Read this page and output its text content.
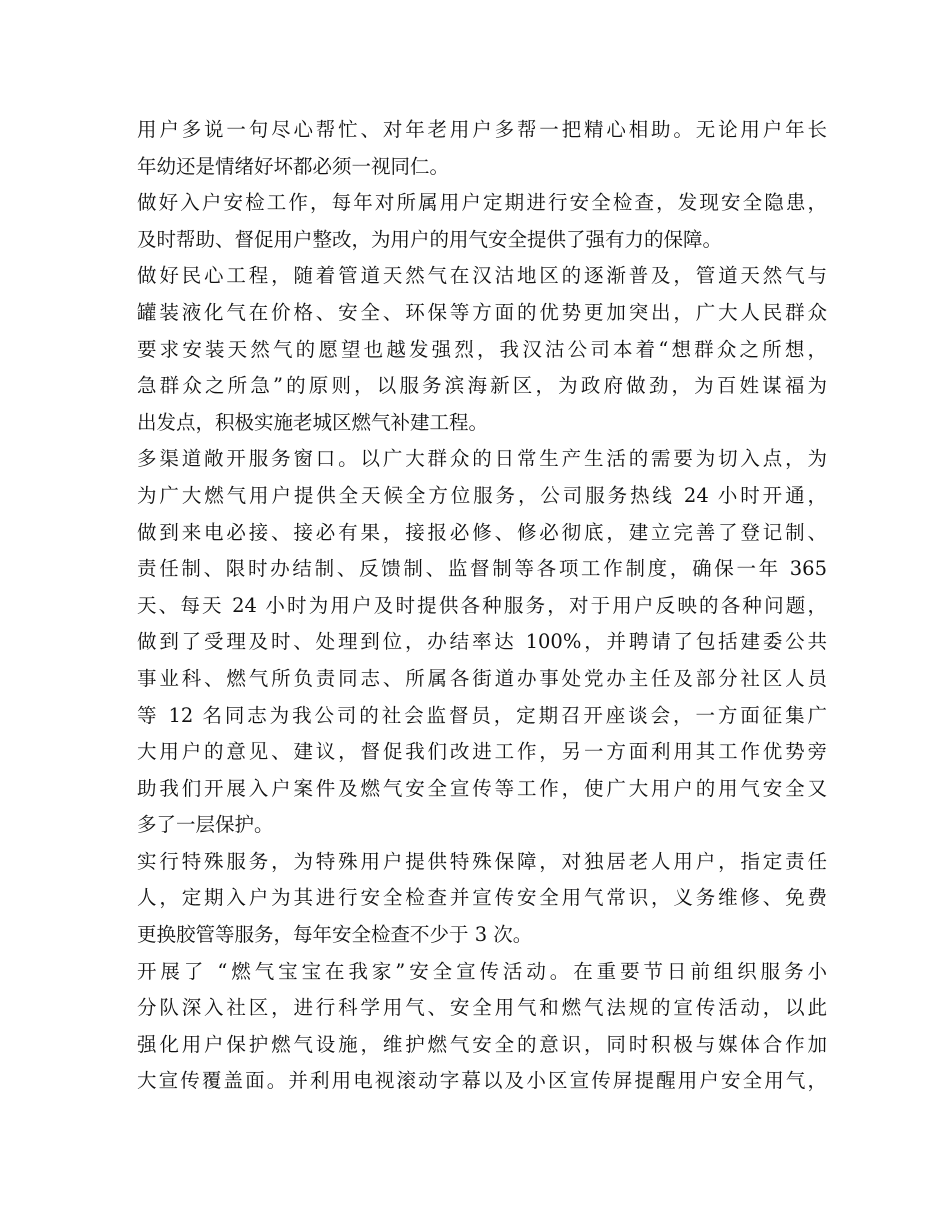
用户多说一句尽心帮忙、对年老用户多帮一把精心相助。无论用户年长
年幼还是情绪好坏都必须一视同仁。
做好入户安检工作，每年对所属用户定期进行安全检查，发现安全隐患，
及时帮助、督促用户整改，为用户的用气安全提供了强有力的保障。
做好民心工程，随着管道天然气在汉沽地区的逐渐普及，管道天然气与
罐装液化气在价格、安全、环保等方面的优势更加突出，广大人民群众
要求安装天然气的愿望也越发强烈，我汉沽公司本着“想群众之所想，
急群众之所急”的原则，以服务滨海新区，为政府做劲，为百姓谋福为
出发点，积极实施老城区燃气补建工程。
多渠道敞开服务窗口。以广大群众的日常生产生活的需要为切入点，为
为广大燃气用户提供全天候全方位服务，公司服务热线 24 小时开通，
做到来电必接、接必有果，接报必修、修必彻底，建立完善了登记制、
责任制、限时办结制、反馈制、监督制等各项工作制度，确保一年 365
天、每天 24 小时为用户及时提供各种服务，对于用户反映的各种问题，
做到了受理及时、处理到位，办结率达 100%，并聘请了包括建委公共
事业科、燃气所负责同志、所属各街道办事处党办主任及部分社区人员
等 12 名同志为我公司的社会监督员，定期召开座谈会，一方面征集广
大用户的意见、建议，督促我们改进工作，另一方面利用其工作优势旁
助我们开展入户案件及燃气安全宣传等工作，使广大用户的用气安全又
多了一层保护。
实行特殊服务，为特殊用户提供特殊保障，对独居老人用户，指定责任
人，定期入户为其进行安全检查并宣传安全用气常识，义务维修、免费
更换胶管等服务，每年安全检查不少于 3 次。
开展了 “燃气宝宝在我家”安全宣传活动。在重要节日前组织服务小
分队深入社区，进行科学用气、安全用气和燃气法规的宣传活动，以此
强化用户保护燃气设施，维护燃气安全的意识，同时积极与媒体合作加
大宣传覆盖面。并利用电视滚动字幕以及小区宣传屏提醒用户安全用气，
